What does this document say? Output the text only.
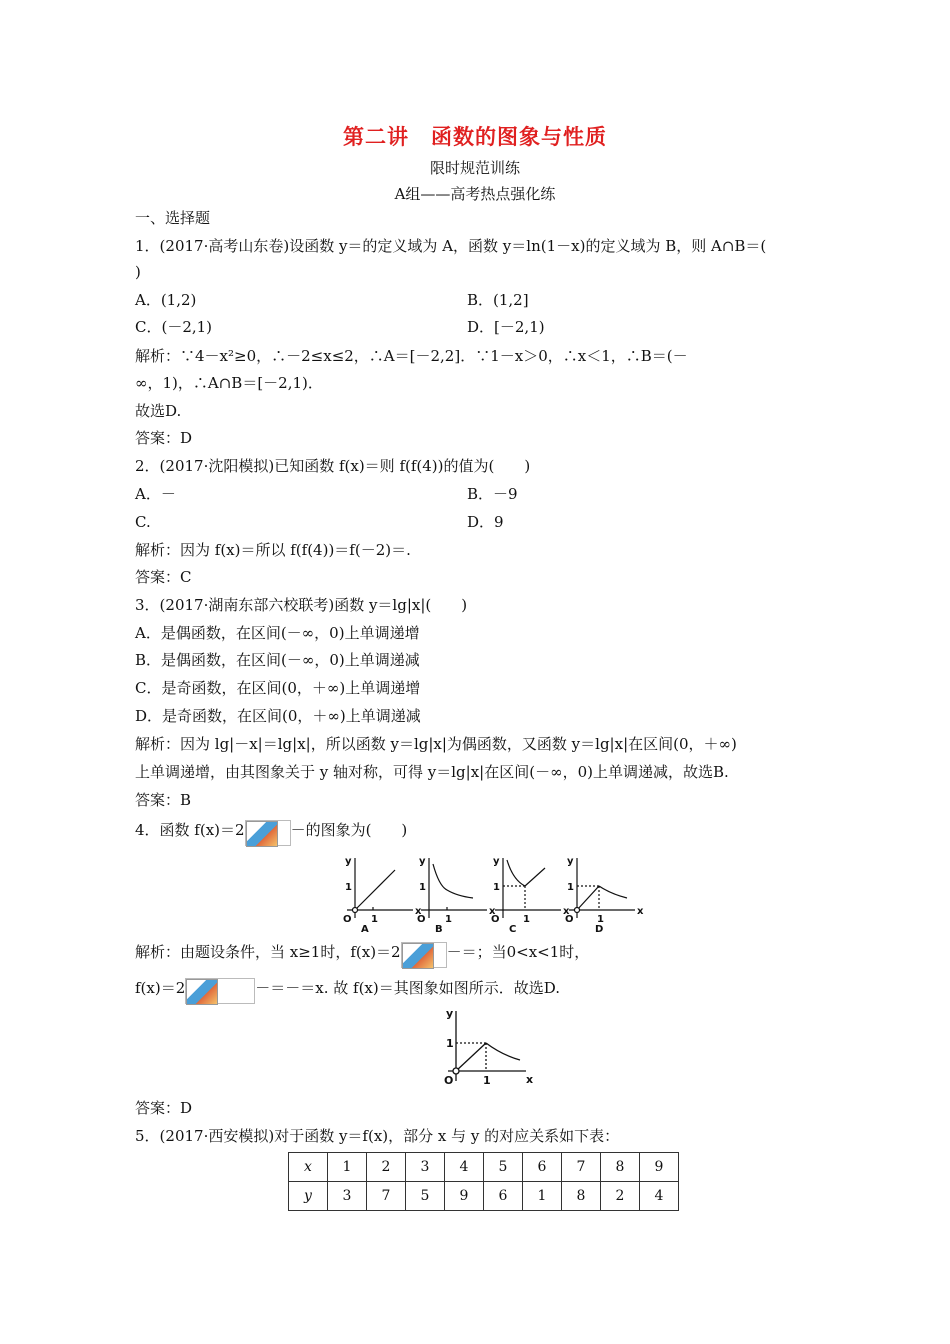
第二讲　函数的图象与性质
限时规范训练
A组——高考热点强化练
一、选择题
1．(2017·高考山东卷)设函数 y＝的定义域为 A，函数 y＝ln(1－x)的定义域为 B，则 A∩B＝(
)
A．(1,2)	B．(1,2]
C．(－2,1)	D．[－2,1)
解析：∵4－x²≥0，∴－2≤x≤2，∴A＝[－2,2]．∵1－x＞0，∴x＜1，∴B＝(－
∞，1)，∴A∩B＝[－2,1)．
故选D.
答案：D
2．(2017·沈阳模拟)已知函数 f(x)＝则 f(f(4))的值为(　　)
A．－	B．－9
C.	D．9
解析：因为 f(x)＝所以 f(f(4))＝f(－2)＝.
答案：C
3．(2017·湖南东部六校联考)函数 y＝lg|x|(　　)
A．是偶函数，在区间(－∞，0)上单调递增
B．是偶函数，在区间(－∞，0)上单调递减
C．是奇函数，在区间(0，＋∞)上单调递增
D．是奇函数，在区间(0，＋∞)上单调递减
解析：因为 lg|－x|＝lg|x|，所以函数 y＝lg|x|为偶函数，又函数 y＝lg|x|在区间(0，＋∞)
上单调递增，由其图象关于 y 轴对称，可得 y＝lg|x|在区间(－∞，0)上单调递减，故选B.
答案：B
4．函数 f(x)＝2	－的图象为(　　)
y
x
1
O 1
A
y
x
1
O 1
B
y
x
1
O 1
C
y
x
1
O 1
D
解析：由题设条件，当 x≥1时，f(x)＝2	－＝；当0<x<1时，
f(x)＝2	－＝－＝x. 故 f(x)＝其图象如图所示．故选D.
y
x
1
O	1
答案：D
5．(2017·西安模拟)对于函数 y＝f(x)，部分 x 与 y 的对应关系如下表：
x	1	2	3	4	5	6	7	8	9
y	3	7	5	9	6	1	8	2	4
